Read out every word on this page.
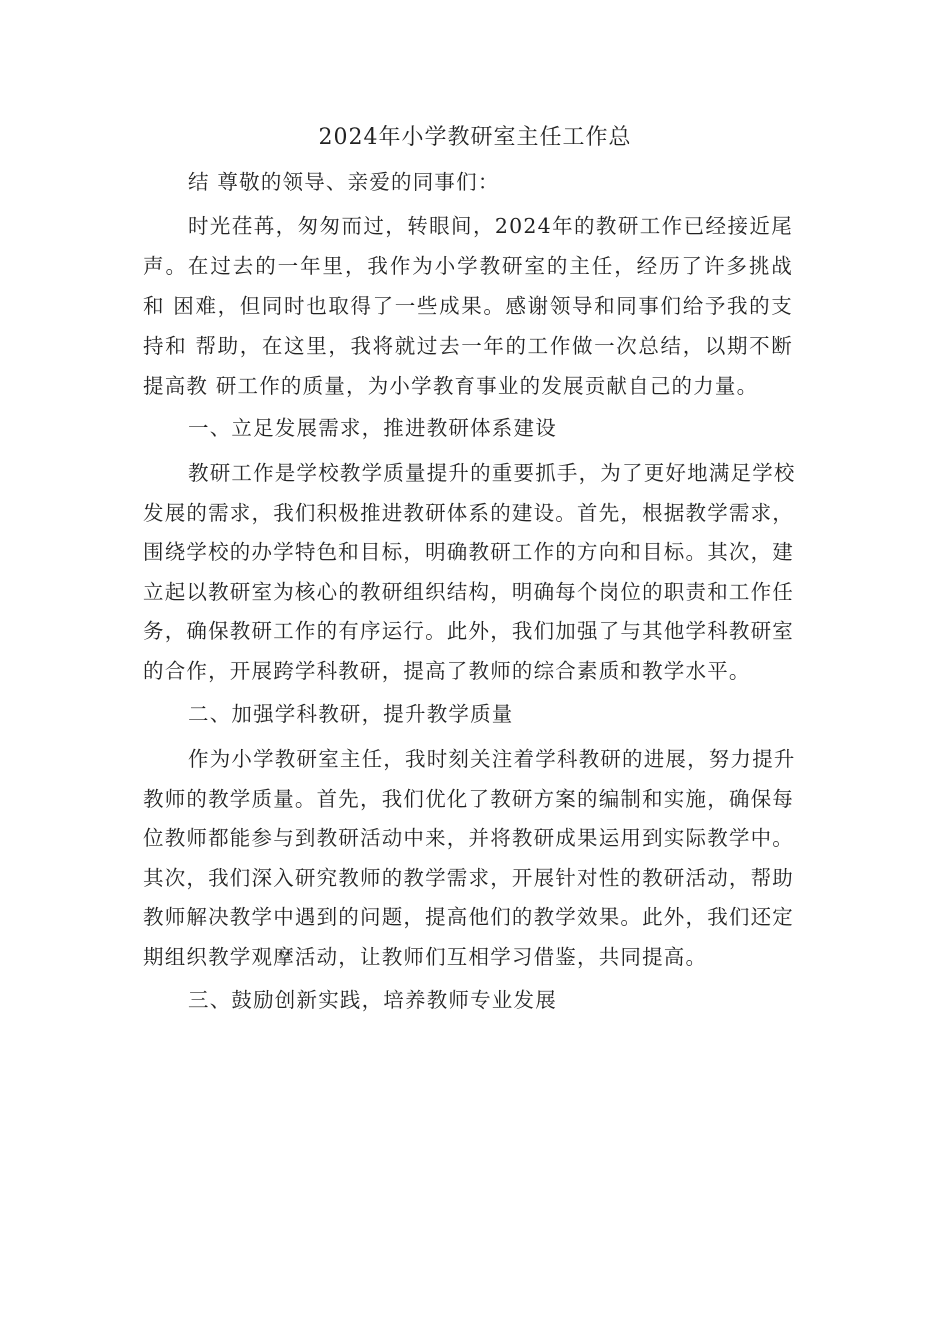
2024年小学教研室主任工作总
结 尊敬的领导、亲爱的同事们：
时光荏苒，匆匆而过，转眼间，2024年的教研工作已经接近尾
声。在过去的一年里，我作为小学教研室的主任，经历了许多挑战
和 困难，但同时也取得了一些成果。感谢领导和同事们给予我的支
持和 帮助，在这里，我将就过去一年的工作做一次总结，以期不断
提高教 研工作的质量，为小学教育事业的发展贡献自己的力量。
一、立足发展需求，推进教研体系建设
教研工作是学校教学质量提升的重要抓手，为了更好地满足学校
发展的需求，我们积极推进教研体系的建设。首先，根据教学需求，
围绕学校的办学特色和目标，明确教研工作的方向和目标。其次，建
立起以教研室为核心的教研组织结构，明确每个岗位的职责和工作任
务，确保教研工作的有序运行。此外，我们加强了与其他学科教研室
的合作，开展跨学科教研，提高了教师的综合素质和教学水平。
二、加强学科教研，提升教学质量
作为小学教研室主任，我时刻关注着学科教研的进展，努力提升
教师的教学质量。首先，我们优化了教研方案的编制和实施，确保每
位教师都能参与到教研活动中来，并将教研成果运用到实际教学中。
其次，我们深入研究教师的教学需求，开展针对性的教研活动，帮助
教师解决教学中遇到的问题，提高他们的教学效果。此外，我们还定
期组织教学观摩活动，让教师们互相学习借鉴，共同提高。
三、鼓励创新实践，培养教师专业发展
